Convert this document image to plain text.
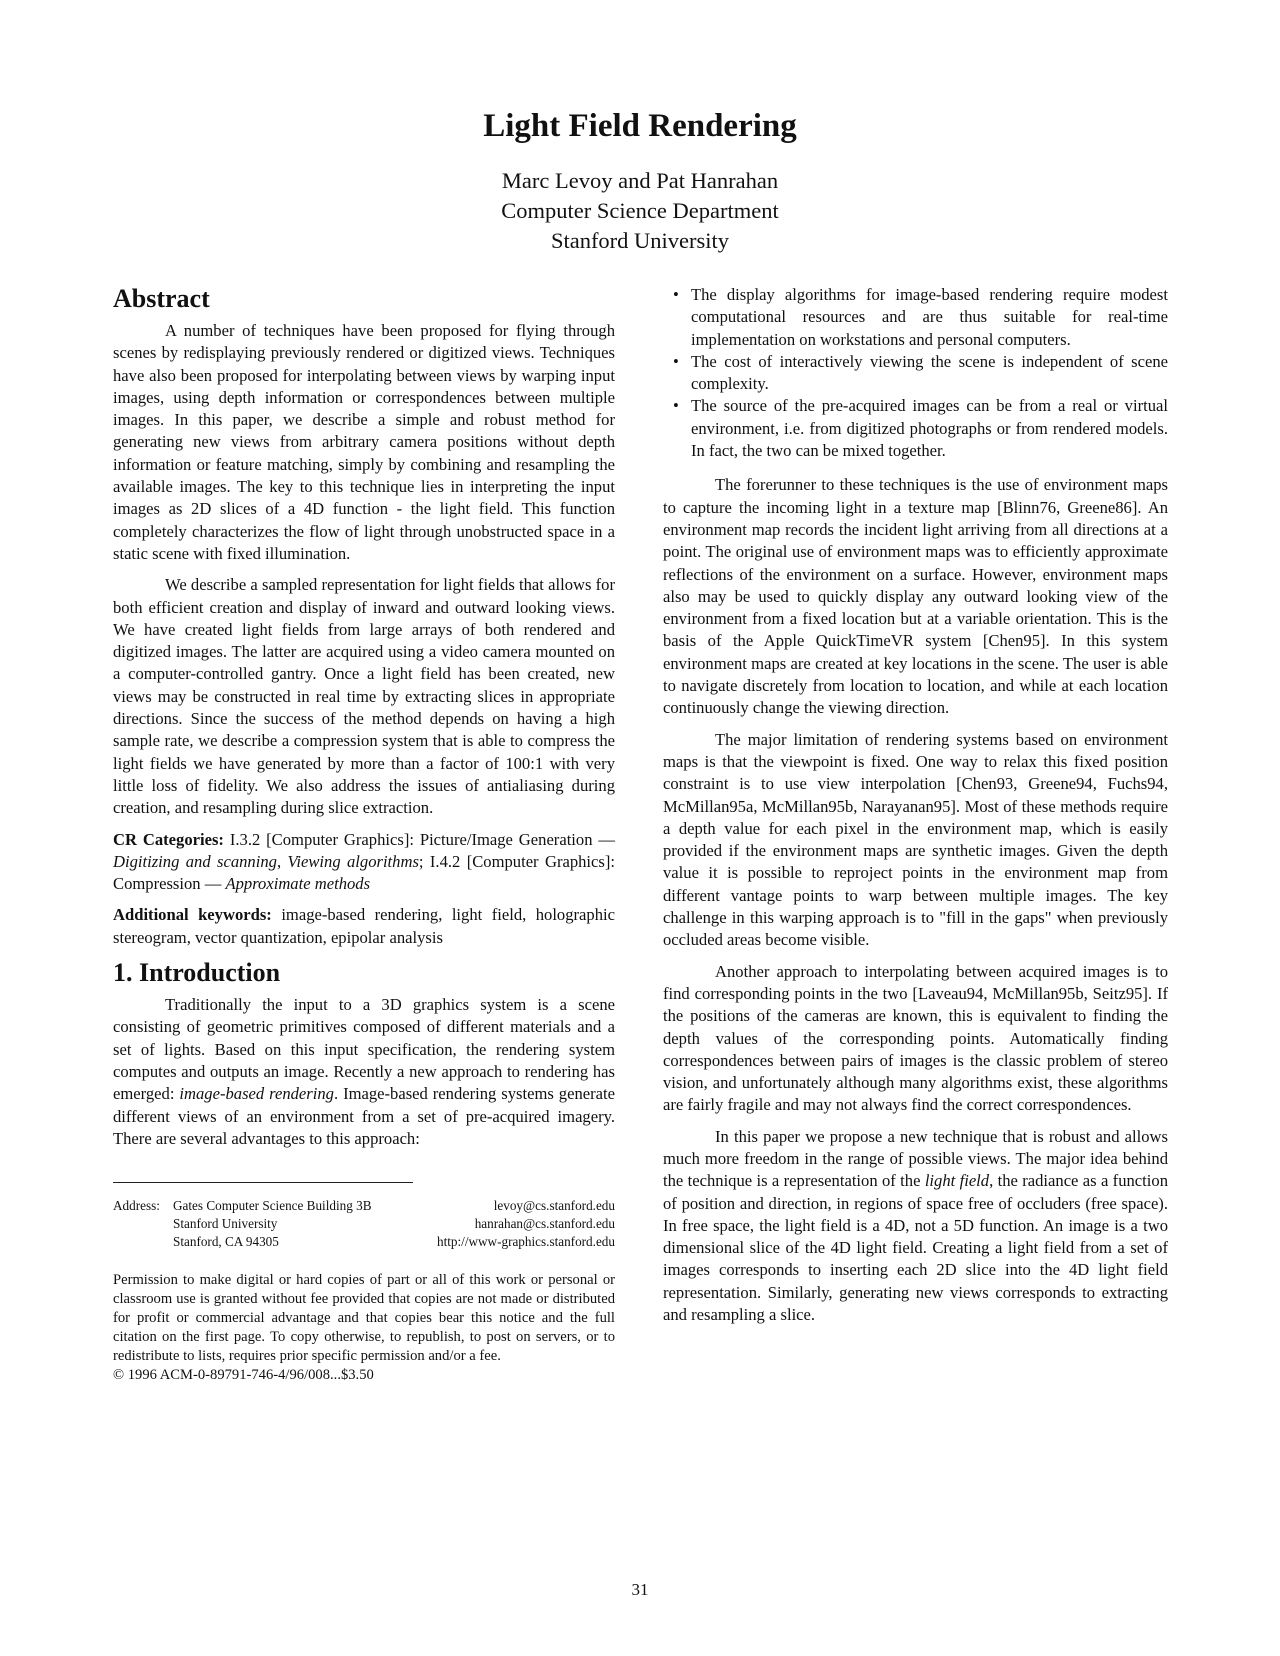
Light Field Rendering
Marc Levoy and Pat Hanrahan
Computer Science Department
Stanford University
Abstract

A number of techniques have been proposed for flying through scenes by redisplaying previously rendered or digitized views. Techniques have also been proposed for interpolating between views by warping input images, using depth information or correspondences between multiple images. In this paper, we describe a simple and robust method for generating new views from arbitrary camera positions without depth information or feature matching, simply by combining and resampling the available images. The key to this technique lies in interpreting the input images as 2D slices of a 4D function - the light field. This function completely characterizes the flow of light through unobstructed space in a static scene with fixed illumination.

We describe a sampled representation for light fields that allows for both efficient creation and display of inward and outward looking views. We have created light fields from large arrays of both rendered and digitized images. The latter are acquired using a video camera mounted on a computer-controlled gantry. Once a light field has been created, new views may be constructed in real time by extracting slices in appropriate directions. Since the success of the method depends on having a high sample rate, we describe a compression system that is able to compress the light fields we have generated by more than a factor of 100:1 with very little loss of fidelity. We also address the issues of antialiasing during creation, and resampling during slice extraction.

CR Categories: I.3.2 [Computer Graphics]: Picture/Image Generation — Digitizing and scanning, Viewing algorithms; I.4.2 [Computer Graphics]: Compression — Approximate methods

Additional keywords: image-based rendering, light field, holographic stereogram, vector quantization, epipolar analysis

1. Introduction

Traditionally the input to a 3D graphics system is a scene consisting of geometric primitives composed of different materials and a set of lights. Based on this input specification, the rendering system computes and outputs an image. Recently a new approach to rendering has emerged: image-based rendering. Image-based rendering systems generate different views of an environment from a set of pre-acquired imagery. There are several advantages to this approach:

Address: Gates Computer Science Building 3B	levoy@cs.stanford.edu
Stanford University	hanrahan@cs.stanford.edu
Stanford, CA 94305	http://www-graphics.stanford.edu
Permission to make digital or hard copies of part or all of this work or personal or classroom use is granted without fee provided that copies are not made or distributed for profit or commercial advantage and that copies bear this notice and the full citation on the first page. To copy otherwise, to republish, to post on servers, or to redistribute to lists, requires prior specific permission and/or a fee.
© 1996 ACM-0-89791-746-4/96/008...$3.50
• The display algorithms for image-based rendering require modest computational resources and are thus suitable for real-time implementation on workstations and personal computers.
• The cost of interactively viewing the scene is independent of scene complexity.
• The source of the pre-acquired images can be from a real or virtual environment, i.e. from digitized photographs or from rendered models. In fact, the two can be mixed together.

The forerunner to these techniques is the use of environment maps to capture the incoming light in a texture map [Blinn76, Greene86]. An environment map records the incident light arriving from all directions at a point. The original use of environment maps was to efficiently approximate reflections of the environment on a surface. However, environment maps also may be used to quickly display any outward looking view of the environment from a fixed location but at a variable orientation. This is the basis of the Apple QuickTimeVR system [Chen95]. In this system environment maps are created at key locations in the scene. The user is able to navigate discretely from location to location, and while at each location continuously change the viewing direction.

The major limitation of rendering systems based on environment maps is that the viewpoint is fixed. One way to relax this fixed position constraint is to use view interpolation [Chen93, Greene94, Fuchs94, McMillan95a, McMillan95b, Narayanan95]. Most of these methods require a depth value for each pixel in the environment map, which is easily provided if the environment maps are synthetic images. Given the depth value it is possible to reproject points in the environment map from different vantage points to warp between multiple images. The key challenge in this warping approach is to "fill in the gaps" when previously occluded areas become visible.

Another approach to interpolating between acquired images is to find corresponding points in the two [Laveau94, McMillan95b, Seitz95]. If the positions of the cameras are known, this is equivalent to finding the depth values of the corresponding points. Automatically finding correspondences between pairs of images is the classic problem of stereo vision, and unfortunately although many algorithms exist, these algorithms are fairly fragile and may not always find the correct correspondences.

In this paper we propose a new technique that is robust and allows much more freedom in the range of possible views. The major idea behind the technique is a representation of the light field, the radiance as a function of position and direction, in regions of space free of occluders (free space). In free space, the light field is a 4D, not a 5D function. An image is a two dimensional slice of the 4D light field. Creating a light field from a set of images corresponds to inserting each 2D slice into the 4D light field representation. Similarly, generating new views corresponds to extracting and resampling a slice.

31
